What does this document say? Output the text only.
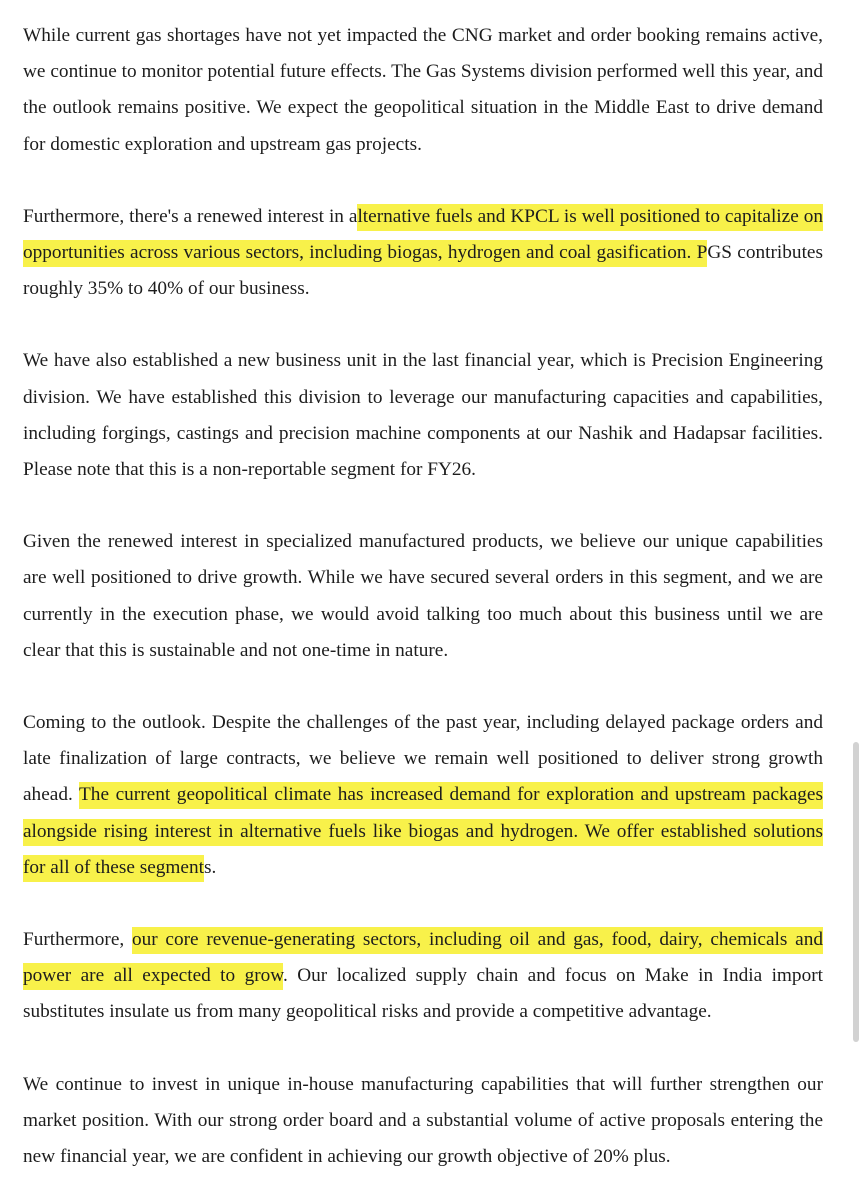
While current gas shortages have not yet impacted the CNG market and order booking remains active, we continue to monitor potential future effects. The Gas Systems division performed well this year, and the outlook remains positive. We expect the geopolitical situation in the Middle East to drive demand for domestic exploration and upstream gas projects.

Furthermore, there's a renewed interest in alternative fuels and KPCL is well positioned to capitalize on opportunities across various sectors, including biogas, hydrogen and coal gasification. PGS contributes roughly 35% to 40% of our business.

We have also established a new business unit in the last financial year, which is Precision Engineering division. We have established this division to leverage our manufacturing capacities and capabilities, including forgings, castings and precision machine components at our Nashik and Hadapsar facilities. Please note that this is a non-reportable segment for FY26.

Given the renewed interest in specialized manufactured products, we believe our unique capabilities are well positioned to drive growth. While we have secured several orders in this segment, and we are currently in the execution phase, we would avoid talking too much about this business until we are clear that this is sustainable and not one-time in nature.

Coming to the outlook. Despite the challenges of the past year, including delayed package orders and late finalization of large contracts, we believe we remain well positioned to deliver strong growth ahead. The current geopolitical climate has increased demand for exploration and upstream packages alongside rising interest in alternative fuels like biogas and hydrogen. We offer established solutions for all of these segments.

Furthermore, our core revenue-generating sectors, including oil and gas, food, dairy, chemicals and power are all expected to grow. Our localized supply chain and focus on Make in India import substitutes insulate us from many geopolitical risks and provide a competitive advantage.

We continue to invest in unique in-house manufacturing capabilities that will further strengthen our market position. With our strong order board and a substantial volume of active proposals entering the new financial year, we are confident in achieving our growth objective of 20% plus.
